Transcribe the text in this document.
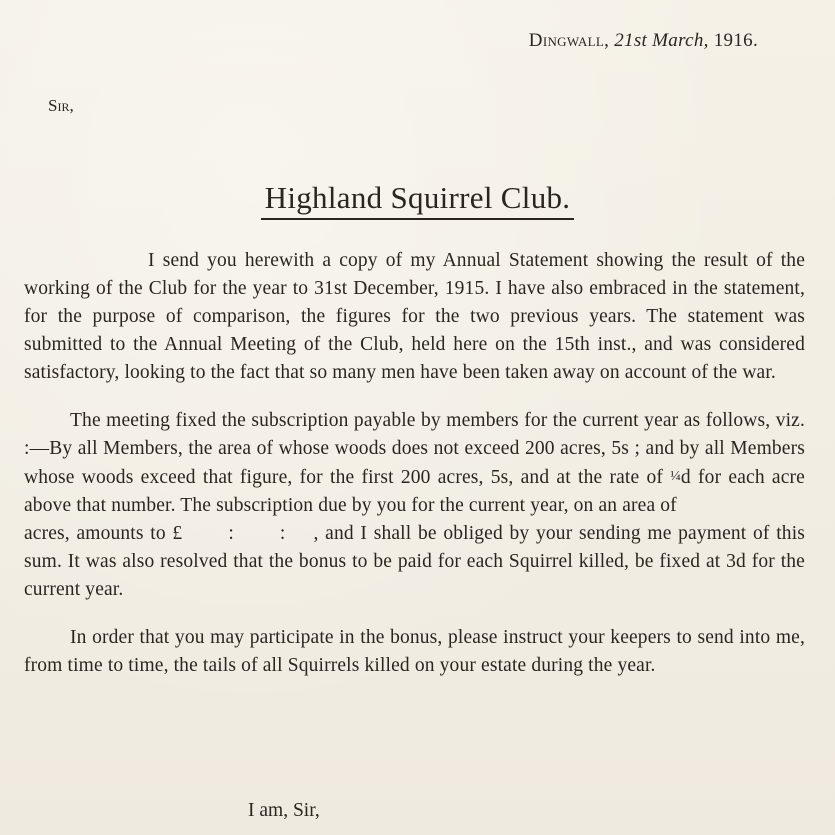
Dingwall, 21st March, 1916.
Sir,
Highland Squirrel Club.

I send you herewith a copy of my Annual Statement showing the result of the working of the Club for the year to 31st December, 1915. I have also embraced in the statement, for the purpose of comparison, the figures for the two previous years. The statement was submitted to the Annual Meeting of the Club, held here on the 15th inst., and was considered satisfactory, looking to the fact that so many men have been taken away on account of the war.

The meeting fixed the subscription payable by members for the current year as follows, viz. :—By all Members, the area of whose woods does not exceed 200 acres, 5s ; and by all Members whose woods exceed that figure, for the first 200 acres, 5s, and at the rate of ¼d for each acre above that number. The subscription due by you for the current year, on an area of
acres, amounts to £ : : , and I shall be obliged by your sending me payment of this sum. It was also resolved that the bonus to be paid for each Squirrel killed, be fixed at 3d for the current year.

In order that you may participate in the bonus, please instruct your keepers to send into me, from time to time, the tails of all Squirrels killed on your estate during the year.

I am, Sir,
